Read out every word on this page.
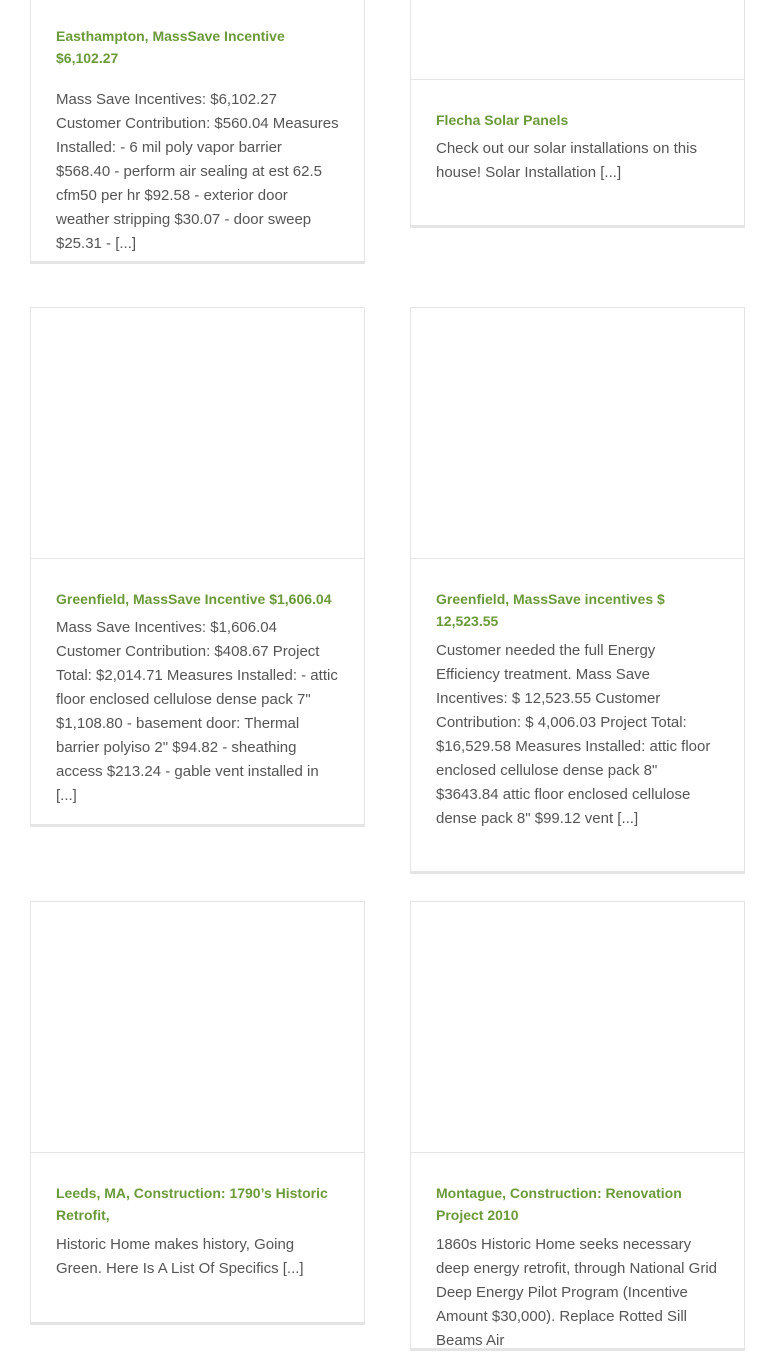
Easthampton, MassSave Incentive $6,102.27

Mass Save Incentives: $6,102.27 Customer Contribution: $560.04 Measures Installed: - 6 mil poly vapor barrier $568.40 - perform air sealing at est 62.5 cfm50 per hr $92.58 - exterior door weather stripping $30.07 - door sweep $25.31 - [...]

Flecha Solar Panels

Check out our solar installations on this house! Solar Installation [...]

Greenfield, MassSave Incentive $1,606.04

Mass Save Incentives: $1,606.04 Customer Contribution: $408.67 Project Total: $2,014.71 Measures Installed: - attic floor enclosed cellulose dense pack 7" $1,108.80 - basement door: Thermal barrier polyiso 2" $94.82 - sheathing access $213.24 - gable vent installed in [...]

Greenfield, MassSave incentives $ 12,523.55

Customer needed the full Energy Efficiency treatment. Mass Save Incentives: $ 12,523.55 Customer Contribution: $ 4,006.03 Project Total: $16,529.58 Measures Installed: attic floor enclosed cellulose dense pack 8" $3643.84 attic floor enclosed cellulose dense pack 8" $99.12 vent [...]

Leeds, MA, Construction: 1790’s Historic Retrofit,

Historic Home makes history, Going Green. Here Is A List Of Specifics [...]

Montague, Construction: Renovation Project 2010

1860s Historic Home seeks necessary deep energy retrofit, through National Grid Deep Energy Pilot Program (Incentive Amount $30,000). Replace Rotted Sill Beams Air
